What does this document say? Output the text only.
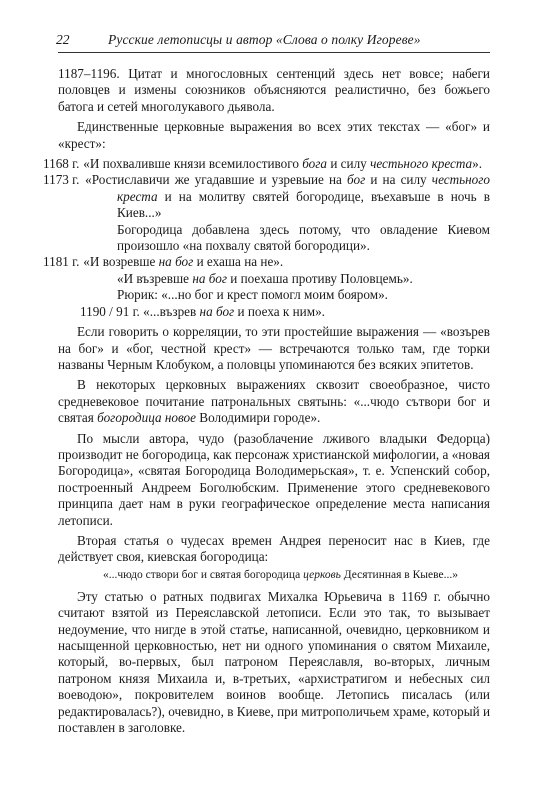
22	Русские летописцы и автор «Слова о полку Игореве»

1187–1196. Цитат и многословных сентенций здесь нет вовсе; набеги половцев и измены союзников объясняются реалистично, без божьего батога и сетей многолукавого дьявола.

Единственные церковные выражения во всех этих текстах — «бог» и «крест»:

1168 г. «И похваливше князи всемилостивого бога и силу честьного креста».

1173 г. «Ростиславичи же угадавшие и узревыие на бог и на силу честьного креста и на молитву святей богородице, въехавъше в ночь в Киев...»

Богородица добавлена здесь потому, что овладение Киевом произошло «на похвалу святой богородици».

1181 г. «И возревше на бог и ехаша на не».

«И възревше на бог и поехаша противу Половцемь».

Рюрик: «...но бог и крест помогл моим бояром».

1190 / 91 г. «...възрев на бог и поеха к ним».

Если говорить о корреляции, то эти простейшие выражения — «возърев на бог» и «бог, честной крест» — встречаются только там, где торки названы Черным Клобуком, а половцы упоминаются без всяких эпитетов.

В некоторых церковных выражениях сквозит своеобразное, чисто средневековое почитание патрональных святынь: «...чюдо сътвори бог и святая богородица новое Володимири городе».

По мысли автора, чудо (разоблачение лживого владыки Федорца) производит не богородица, как персонаж христианской мифологии, а «новая Богородица», «святая Богородица Володимерьская», т. е. Успенский собор, построенный Андреем Боголюбским. Применение этого средневекового принципа дает нам в руки географическое определение места написания летописи.

Вторая статья о чудесах времен Андрея переносит нас в Киев, где действует своя, киевская богородица:

«...чюдо створи бог и святая богородица церковь Десятинная в Кыеве...»

Эту статью о ратных подвигах Михалка Юрьевича в 1169 г. обычно считают взятой из Переяславской летописи. Если это так, то вызывает недоумение, что нигде в этой статье, написанной, очевидно, церковником и насыщенной церковностью, нет ни одного упоминания о святом Михаиле, который, во-первых, был патроном Переяславля, во-вторых, личным патроном князя Михаила и, в-третьих, «архистратигом и небесных сил воеводою», покровителем воинов вообще. Летопись писалась (или редактировалась?), очевидно, в Киеве, при митрополичьем храме, который и поставлен в заголовке.
